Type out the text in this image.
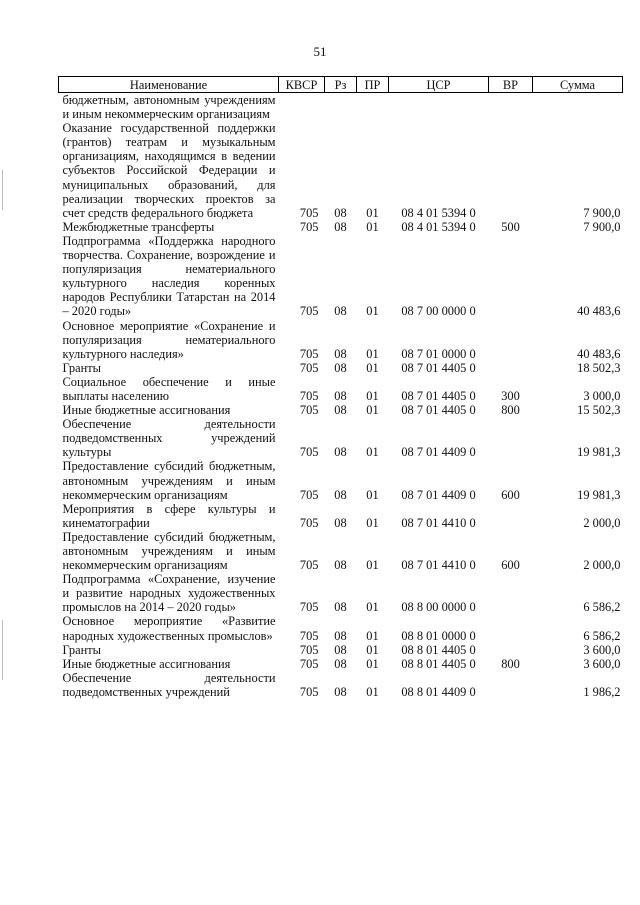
51
Наименование	КВСР	Рз	ПР	ЦСР	ВР	Сумма
бюджетным, автономным учреждениям и иным некоммерческим организациям						
Оказание государственной поддержки (грантов) театрам и музыкальным организациям, находящимся в ведении субъектов Российской Федерации и муниципальных образований, для реализации творческих проектов за счет средств федерального бюджета	705	08	01	08 4 01 5394 0		7 900,0
Межбюджетные трансферты	705	08	01	08 4 01 5394 0	500	7 900,0
Подпрограмма «Поддержка народного творчества. Сохранение, возрождение и популяризация нематериального культурного наследия коренных народов Республики Татарстан на 2014 – 2020 годы»	705	08	01	08 7 00 0000 0		40 483,6
Основное мероприятие «Сохранение и популяризация нематериального культурного наследия»	705	08	01	08 7 01 0000 0		40 483,6
Гранты	705	08	01	08 7 01 4405 0		18 502,3
Социальное обеспечение и иные выплаты населению	705	08	01	08 7 01 4405 0	300	3 000,0
Иные бюджетные ассигнования	705	08	01	08 7 01 4405 0	800	15 502,3
Обеспечение деятельности подведомственных учреждений культуры	705	08	01	08 7 01 4409 0		19 981,3
Предоставление субсидий бюджетным, автономным учреждениям и иным некоммерческим организациям	705	08	01	08 7 01 4409 0	600	19 981,3
Мероприятия в сфере культуры и кинематографии	705	08	01	08 7 01 4410 0		2 000,0
Предоставление субсидий бюджетным, автономным учреждениям и иным некоммерческим организациям	705	08	01	08 7 01 4410 0	600	2 000,0
Подпрограмма «Сохранение, изучение и развитие народных художественных промыслов на 2014 – 2020 годы»	705	08	01	08 8 00 0000 0		6 586,2
Основное мероприятие «Развитие народных художественных промыслов»	705	08	01	08 8 01 0000 0		6 586,2
Гранты	705	08	01	08 8 01 4405 0		3 600,0
Иные бюджетные ассигнования	705	08	01	08 8 01 4405 0	800	3 600,0
Обеспечение деятельности подведомственных учреждений	705	08	01	08 8 01 4409 0		1 986,2
